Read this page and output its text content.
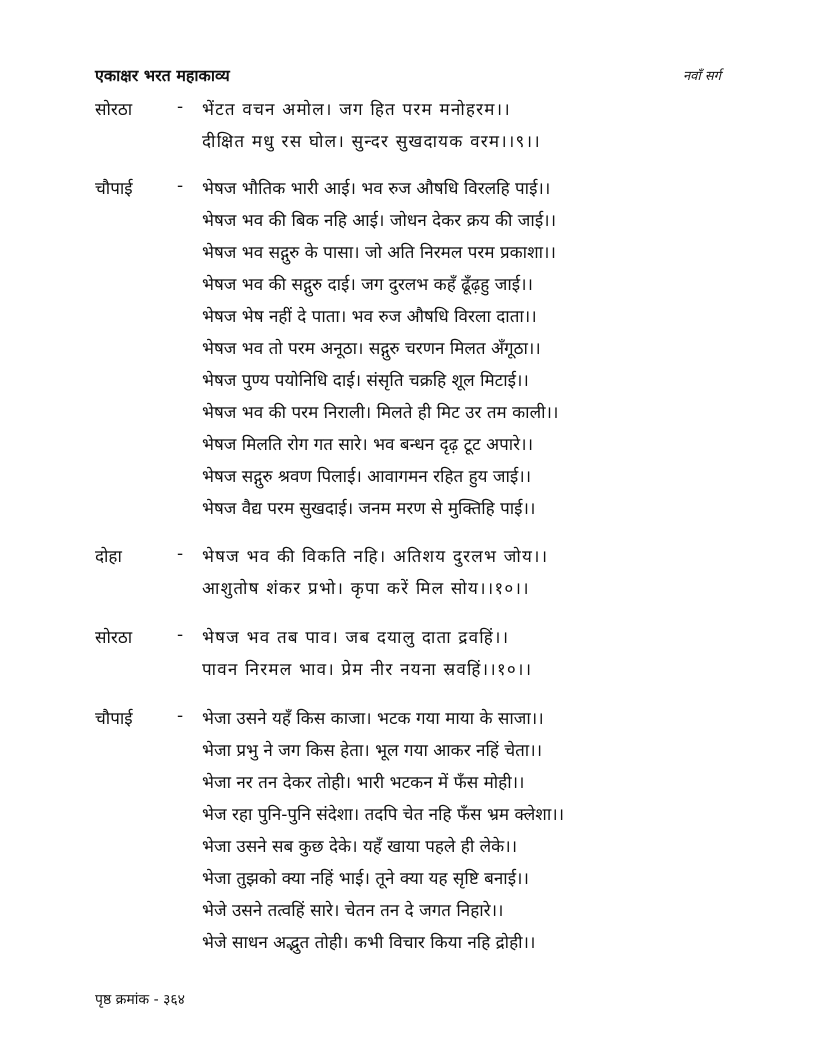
एकाक्षर भरत महाकाव्य	नवाँ सर्ग
सोरठा	- भेंटत वचन अमोल। जग हित परम मनोहरम।।
दीक्षित मधु रस घोल। सुन्दर सुखदायक वरम।।९।।
चौपाई	- भेषज भौतिक भारी आई। भव रुज औषधि विरलहि पाई।।
भेषज भव की बिक नहि आई। जोधन देकर क्रय की जाई।।
भेषज भव सद्गुरु के पासा। जो अति निरमल परम प्रकाशा।।
भेषज भव की सद्गुरु दाई। जग दुरलभ कहँ ढूँढ़हु जाई।।
भेषज भेष नहीं दे पाता। भव रुज औषधि विरला दाता।।
भेषज भव तो परम अनूठा। सद्गुरु चरणन मिलत अँगूठा।।
भेषज पुण्य पयोनिधि दाई। संसृति चक्रहि शूल मिटाई।।
भेषज भव की परम निराली। मिलते ही मिट उर तम काली।।
भेषज मिलति रोग गत सारे। भव बन्धन दृढ़ टूट अपारे।।
भेषज सद्गुरु श्रवण पिलाई। आवागमन रहित हुय जाई।।
भेषज वैद्य परम सुखदाई। जनम मरण से मुक्तिहि पाई।।
दोहा	- भेषज भव की विकति नहि। अतिशय दुरलभ जोय।।
आशुतोष शंकर प्रभो। कृपा करें मिल सोय।।१०।।
सोरठा	- भेषज भव तब पाव। जब दयालु दाता द्रवहिं।।
पावन निरमल भाव। प्रेम नीर नयना स्रवहिं।।१०।।
चौपाई	- भेजा उसने यहँ किस काजा। भटक गया माया के साजा।।
भेजा प्रभु ने जग किस हेता। भूल गया आकर नहिं चेता।।
भेजा नर तन देकर तोही। भारी भटकन में फँस मोही।।
भेज रहा पुनि-पुनि संदेशा। तदपि चेत नहि फँस भ्रम क्लेशा।।
भेजा उसने सब कुछ देके। यहँ खाया पहले ही लेके।।
भेजा तुझको क्या नहिं भाई। तूने क्या यह सृष्टि बनाई।।
भेजे उसने तत्वहिं सारे। चेतन तन दे जगत निहारे।।
भेजे साधन अद्भुत तोही। कभी विचार किया नहि द्रोही।।
पृष्ठ क्रमांक - ३६४
